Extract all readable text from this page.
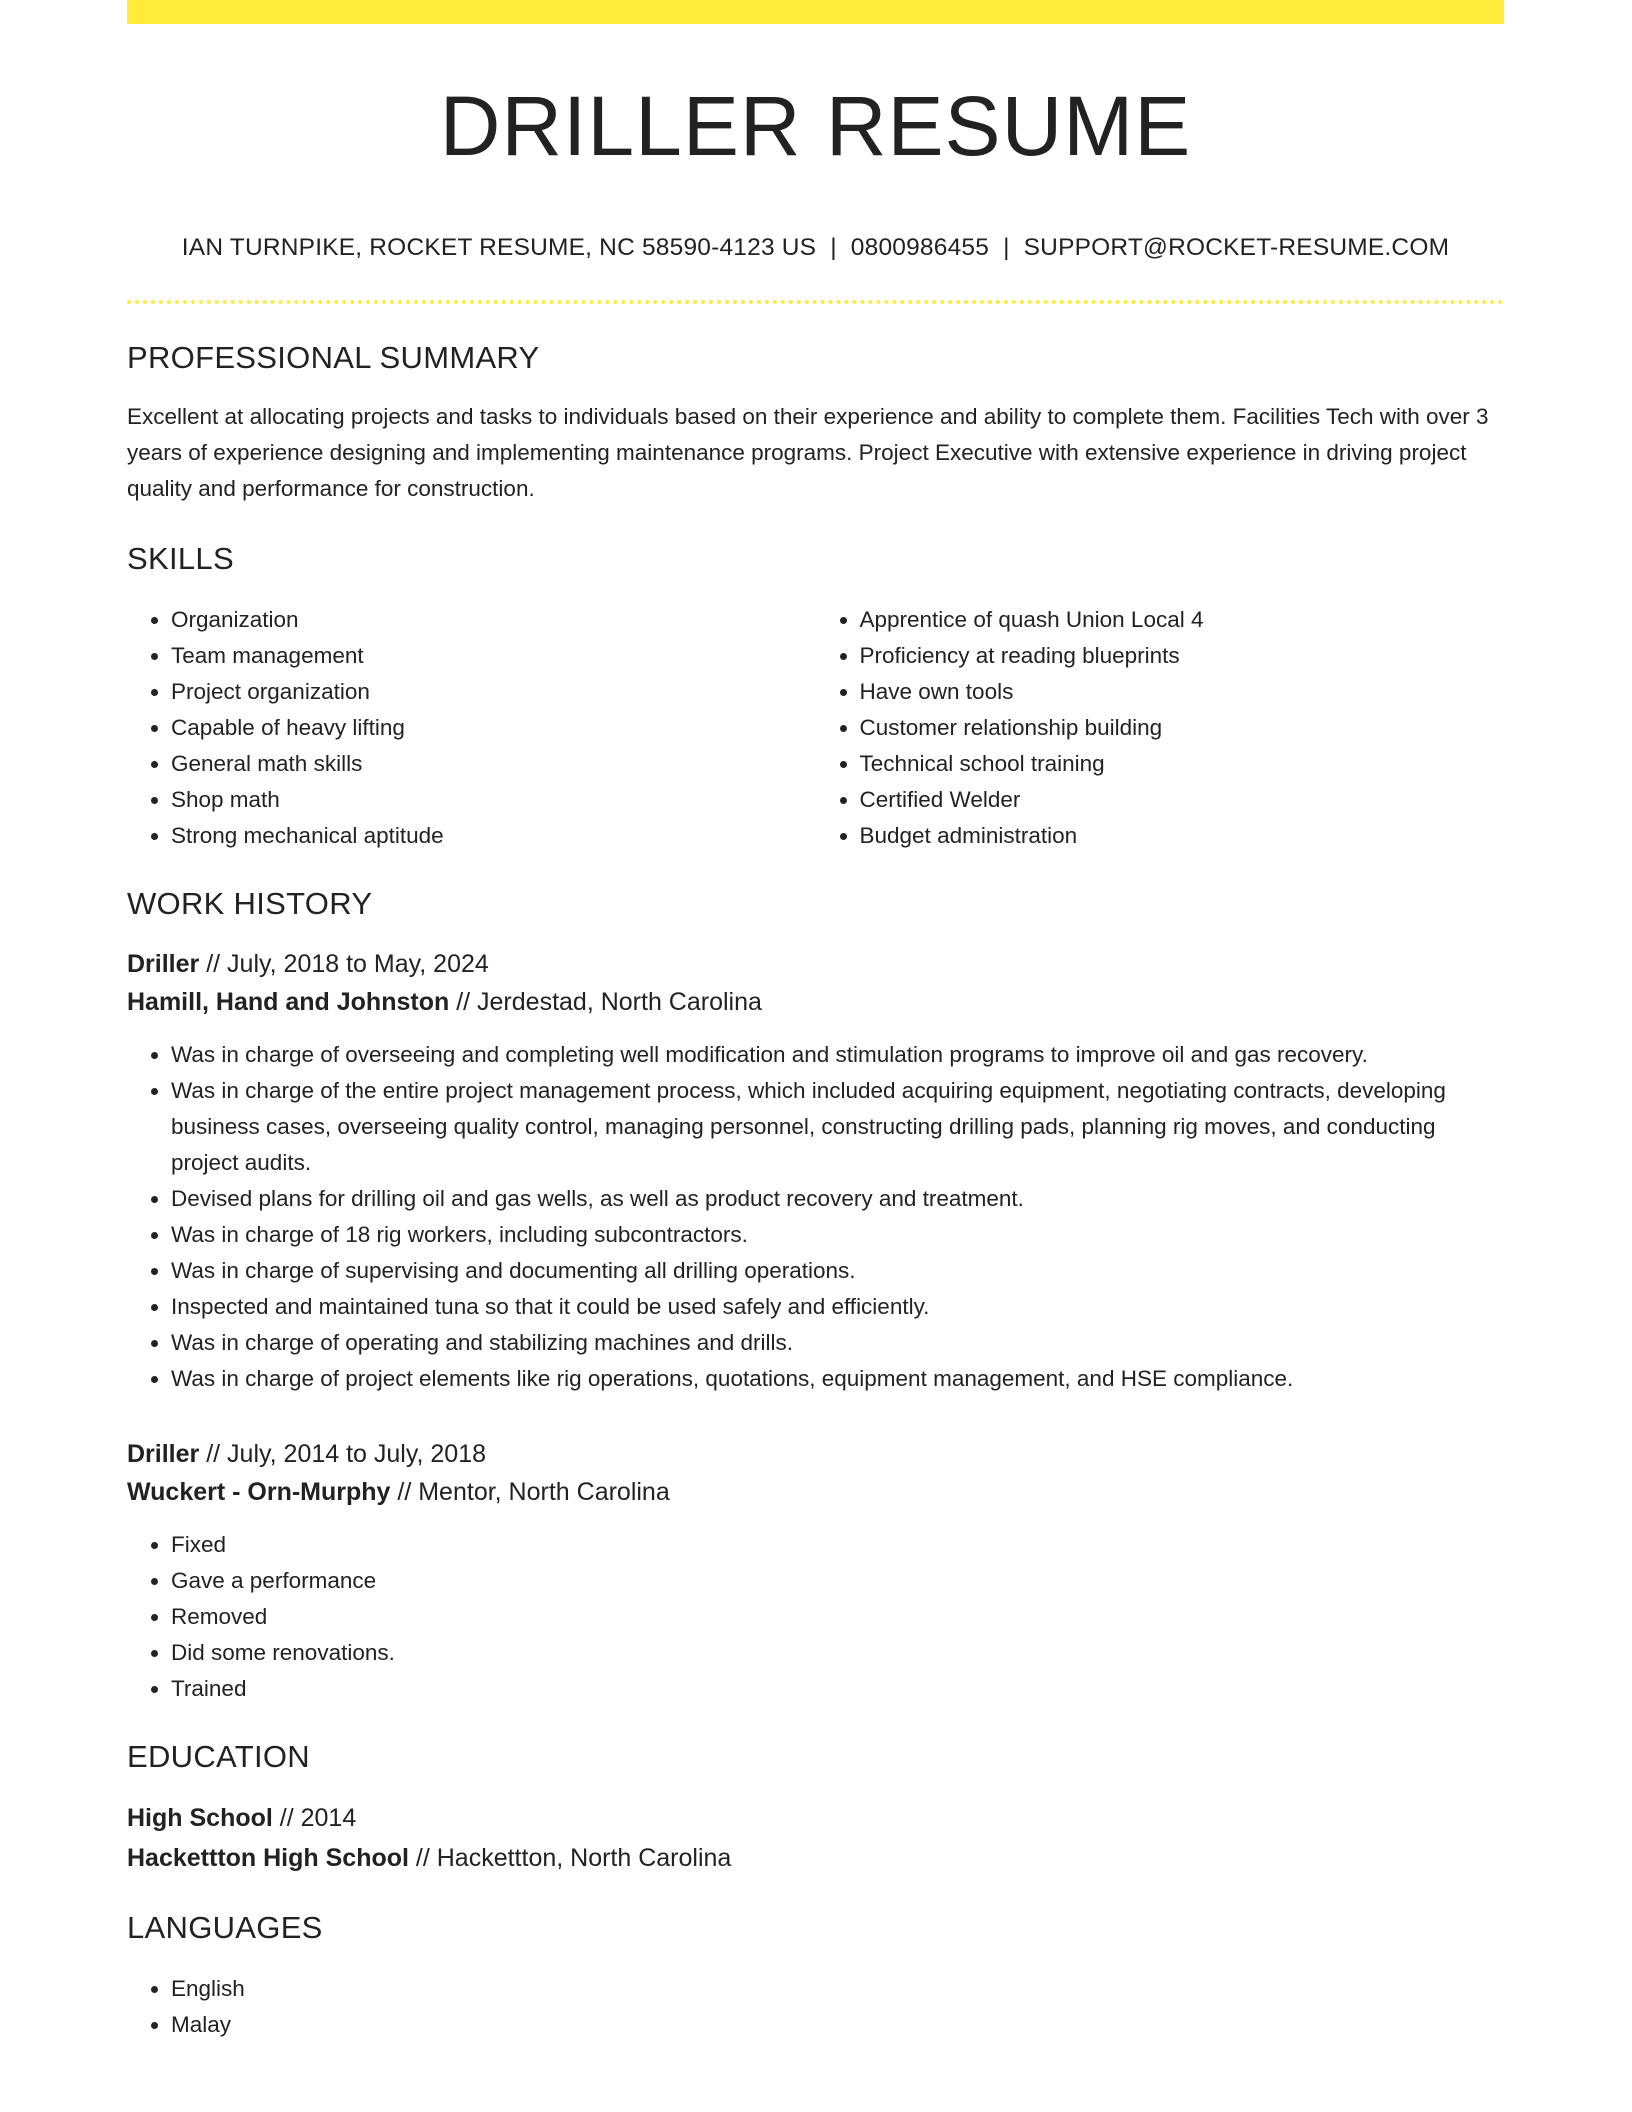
DRILLER RESUME
IAN TURNPIKE, ROCKET RESUME, NC 58590-4123 US | 0800986455 | SUPPORT@ROCKET-RESUME.COM
PROFESSIONAL SUMMARY

Excellent at allocating projects and tasks to individuals based on their experience and ability to complete them. Facilities Tech with over 3 years of experience designing and implementing maintenance programs. Project Executive with extensive experience in driving project quality and performance for construction.

SKILLS
• Organization
• Team management
• Project organization
• Capable of heavy lifting
• General math skills
• Shop math
• Strong mechanical aptitude
• Apprentice of quash Union Local 4
• Proficiency at reading blueprints
• Have own tools
• Customer relationship building
• Technical school training
• Certified Welder
• Budget administration
WORK HISTORY
Driller // July, 2018 to May, 2024
Hamill, Hand and Johnston // Jerdestad, North Carolina
• Was in charge of overseeing and completing well modification and stimulation programs to improve oil and gas recovery.
• Was in charge of the entire project management process, which included acquiring equipment, negotiating contracts, developing business cases, overseeing quality control, managing personnel, constructing drilling pads, planning rig moves, and conducting project audits.
• Devised plans for drilling oil and gas wells, as well as product recovery and treatment.
• Was in charge of 18 rig workers, including subcontractors.
• Was in charge of supervising and documenting all drilling operations.
• Inspected and maintained tuna so that it could be used safely and efficiently.
• Was in charge of operating and stabilizing machines and drills.
• Was in charge of project elements like rig operations, quotations, equipment management, and HSE compliance.
Driller // July, 2014 to July, 2018
Wuckert - Orn-Murphy // Mentor, North Carolina
• Fixed
• Gave a performance
• Removed
• Did some renovations.
• Trained
EDUCATION
High School // 2014
Hackettton High School // Hackettton, North Carolina
LANGUAGES
• English
• Malay
